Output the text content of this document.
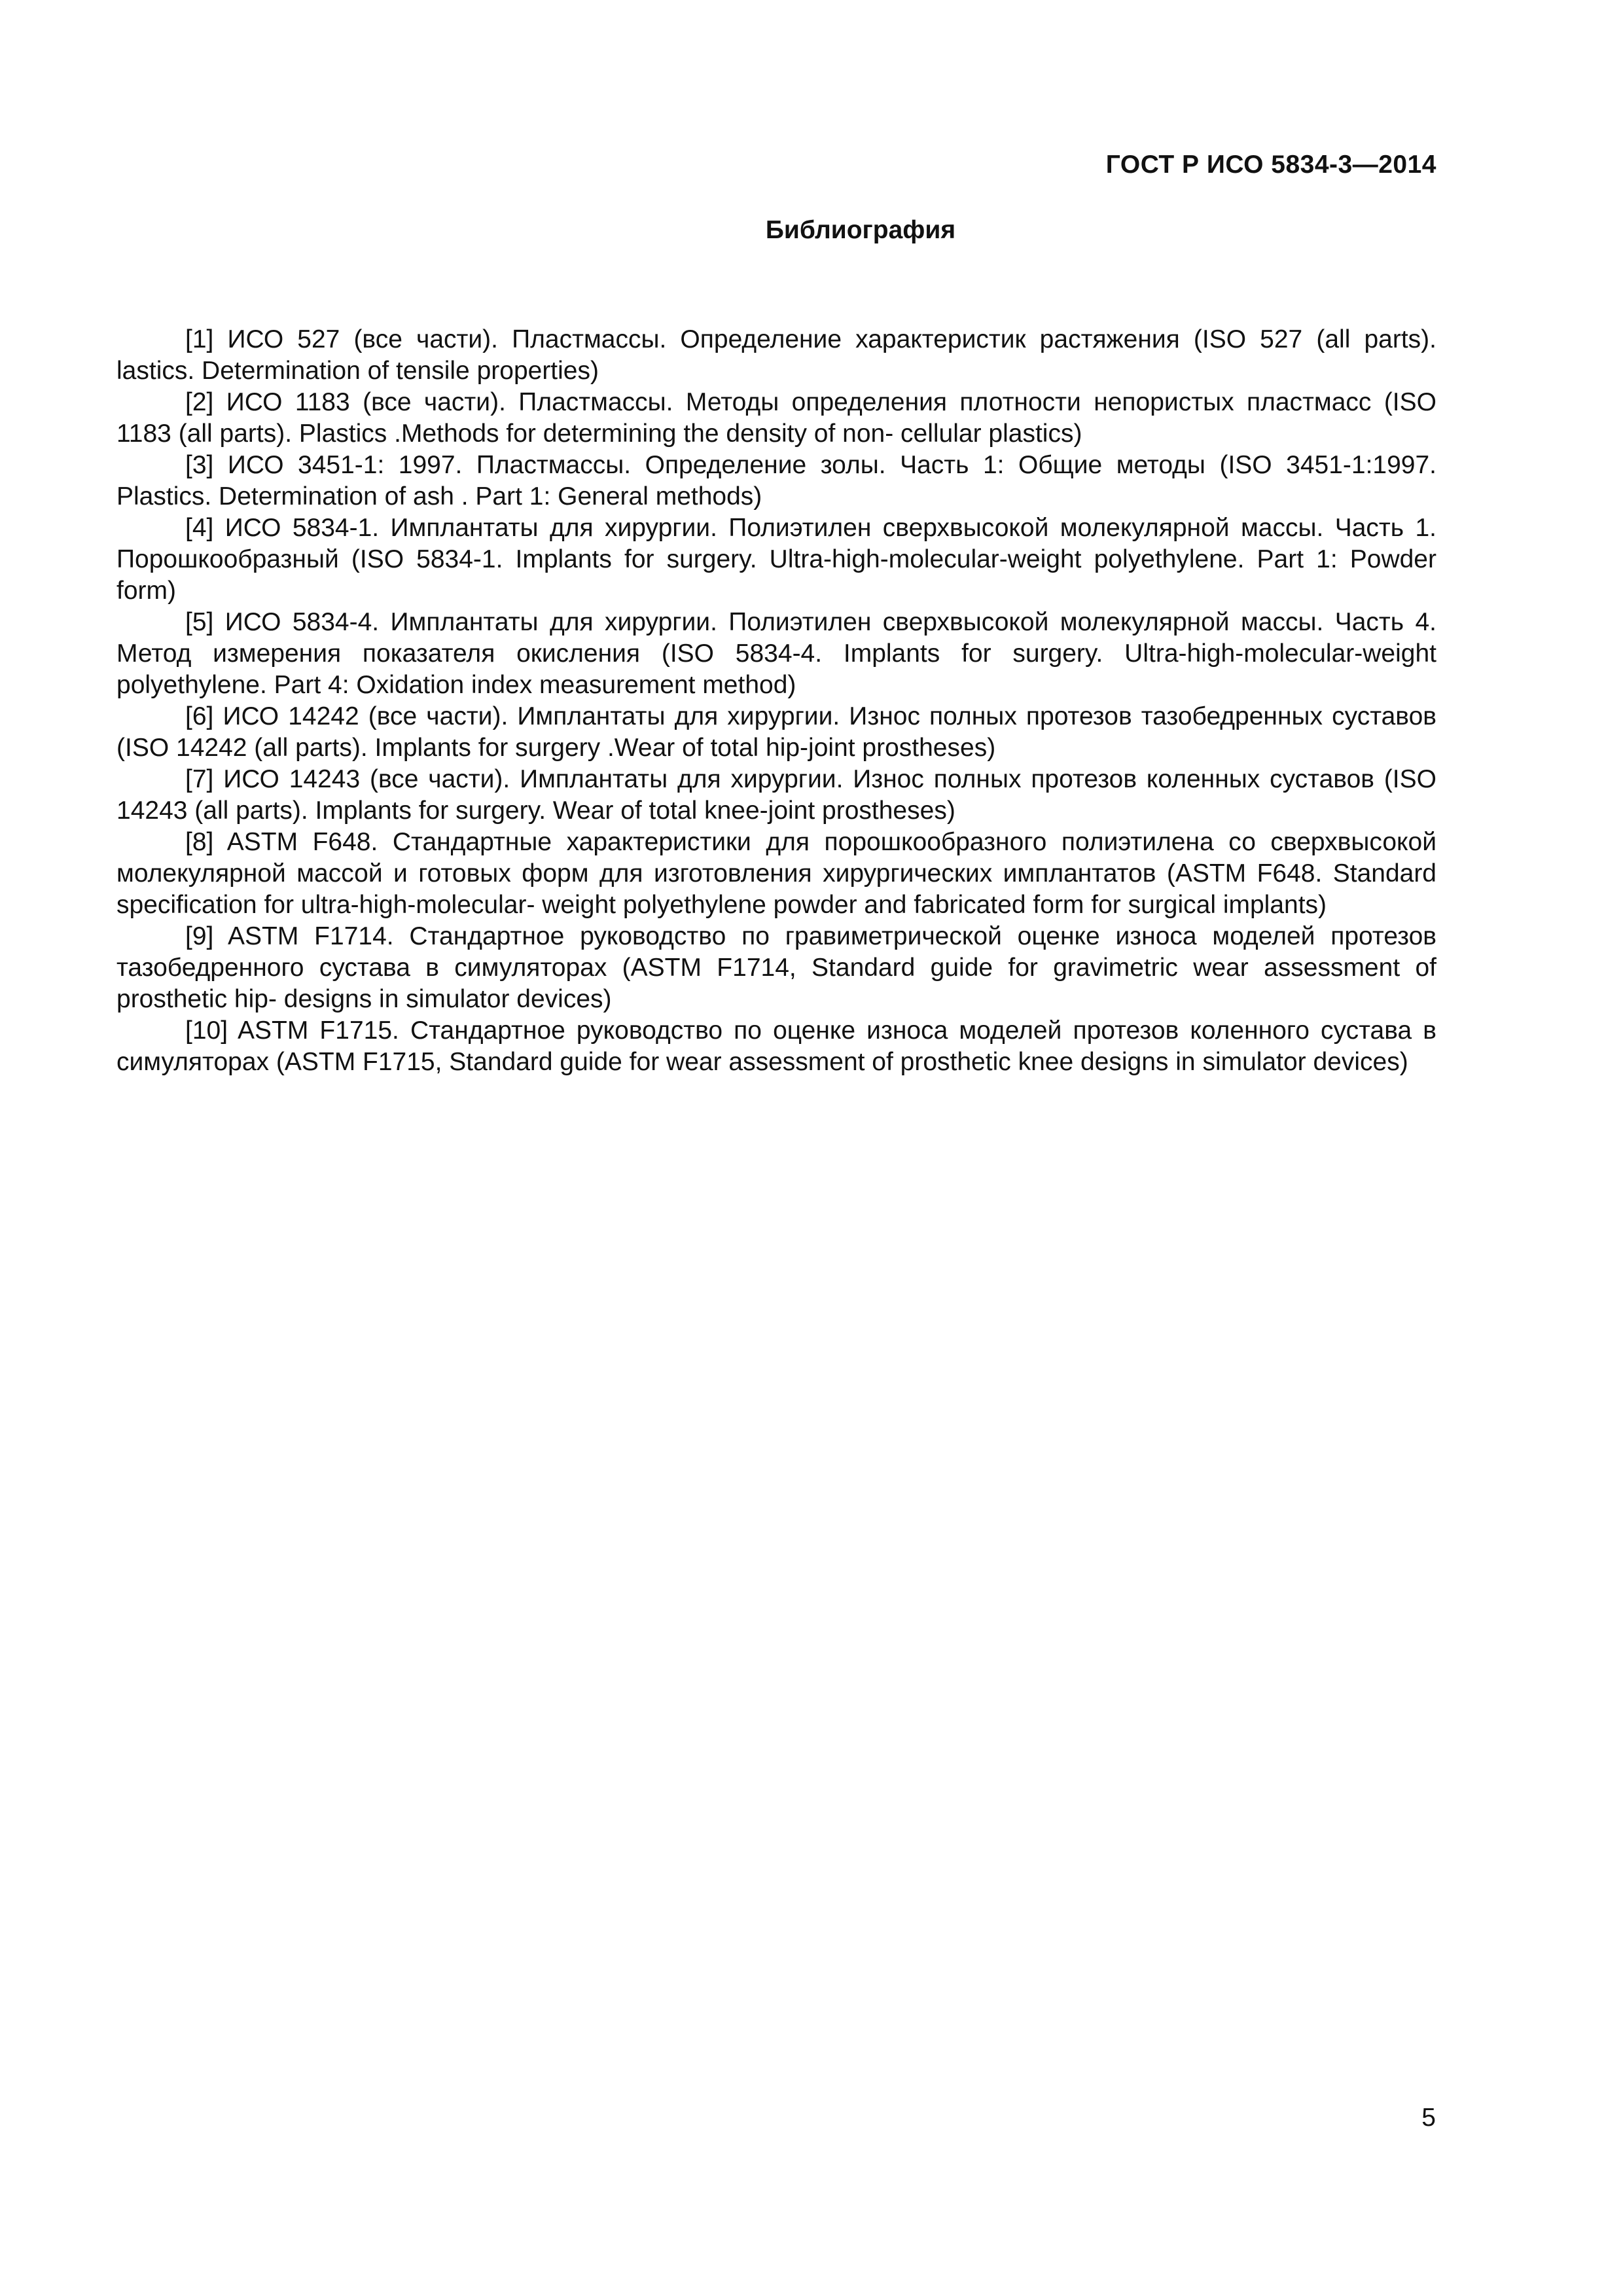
ГОСТ Р ИСО 5834-3—2014
Библиография

[1] ИСО 527 (все части). Пластмассы. Определение характеристик растяжения (ISO 527 (all parts). lastics. Determination of tensile properties)

[2] ИСО 1183 (все части). Пластмассы. Методы определения плотности непористых пластмасс (ISO 1183 (all parts). Plastics .Methods for determining the density of non- cellular plastics)

[3] ИСО 3451-1: 1997. Пластмассы. Определение золы. Часть 1: Общие методы (ISO 3451-1:1997. Plastics. Determination of ash . Part 1: General methods)

[4] ИСО 5834-1. Имплантаты для хирургии. Полиэтилен сверхвысокой молекулярной массы. Часть 1. Порошкообразный (ISO 5834-1. Implants for surgery. Ultra-high-molecular-weight polyethylene. Part 1: Powder form)

[5] ИСО 5834-4. Имплантаты для хирургии. Полиэтилен сверхвысокой молекулярной массы. Часть 4. Метод измерения показателя окисления (ISO 5834-4. Implants for surgery. Ultra-high-molecular-weight polyethylene. Part 4: Oxidation index measurement method)

[6] ИСО 14242 (все части). Имплантаты для хирургии. Износ полных протезов тазобедренных суставов (ISO 14242 (all parts). Implants for surgery .Wear of total hip-joint prostheses)

[7] ИСО 14243 (все части). Имплантаты для хирургии. Износ полных протезов коленных суставов (ISO 14243 (all parts). Implants for surgery. Wear of total knee-joint prostheses)

[8] ASTM F648. Стандартные характеристики для порошкообразного полиэтилена со сверхвысокой молекулярной массой и готовых форм для изготовления хирургических имплантатов (ASTM F648. Standard specification for ultra-high-molecular- weight polyethylene powder and fabricated form for surgical implants)

[9] ASTM F1714. Стандартное руководство по гравиметрической оценке износа моделей протезов тазобедренного сустава в симуляторах (ASTM F1714, Standard guide for gravimetric wear assessment of prosthetic hip- designs in simulator devices)

[10] ASTM F1715. Стандартное руководство по оценке износа моделей протезов коленного сустава в симуляторах (ASTM F1715, Standard guide for wear assessment of prosthetic knee designs in simulator devices)

5
